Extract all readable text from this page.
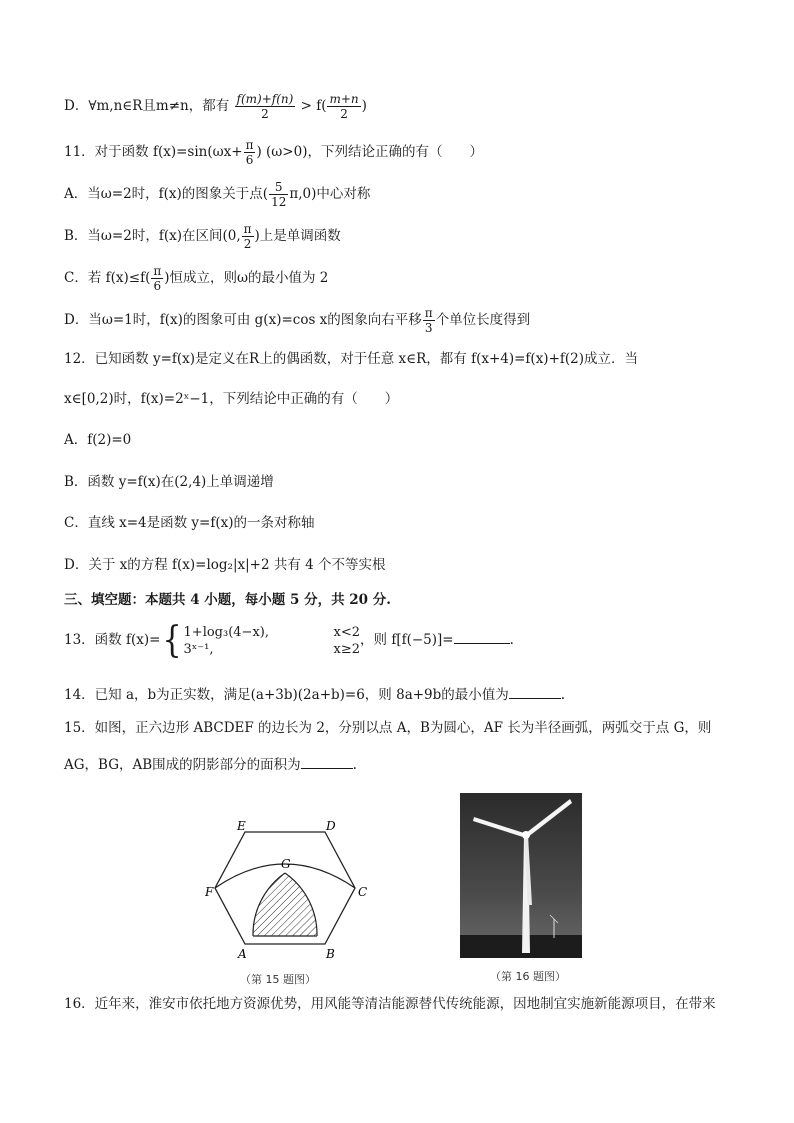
D．∀m,n∈R且m≠n，都有 $\frac{f(m)+f(n)}{2} > f( \frac{m+n}{2}$ )
11．对于函数 $f(x)=\sin(\omega x+ \frac{\pi}{6}$ ) (ω>0)，下列结论正确的有（　　）
A．当ω=2时，f(x)的图象关于点( $\frac{5}{12} \pi,0$)中心对称
B．当ω=2时，f(x)在区间(0, $\frac{\pi}{2}$ )上是单调函数
C．若 $f(x)\le f( \frac{\pi}{6}$ )恒成立，则ω的最小值为 2
D．当ω=1时，f(x)的图象可由 g(x)=cos x的图象向右平移 $\frac{\pi}{3}$ 个单位长度得到
12．已知函数 y=f(x)是定义在R上的偶函数，对于任意 x∈R，都有 f(x+4)=f(x)+f(2)成立．当
x∈[0,2)时，f(x)=2ˣ−1，下列结论中正确的有（　　）
A．f(2)=0
B．函数 y=f(x)在(2,4)上单调递增
C．直线 x=4是函数 y=f(x)的一条对称轴
D．关于 x的方程 f(x)=log₂|x|+2 共有 4 个不等实根
三、填空题：本题共 4 小题，每小题 5 分，共 20 分.
13．函数 f(x)={ 1+log₃(4−x),	x<2
3ˣ⁻¹,	x≥2
，则 f[f(−5)]=	.
14．已知 a，b为正实数，满足(a+3b)(2a+b)=6，则 8a+9b的最小值为	.
15．如图，正六边形 ABCDEF 的边长为 2，分别以点 A，B为圆心，AF 长为半径画弧，两弧交于点 G，则
AG，BG，AB围成的阴影部分的面积为	.
E	D
C
F
G
A	B
（第 15 题图）	（第 16 题图）
16．近年来，淮安市依托地方资源优势，用风能等清洁能源替代传统能源，因地制宜实施新能源项目，在带来
